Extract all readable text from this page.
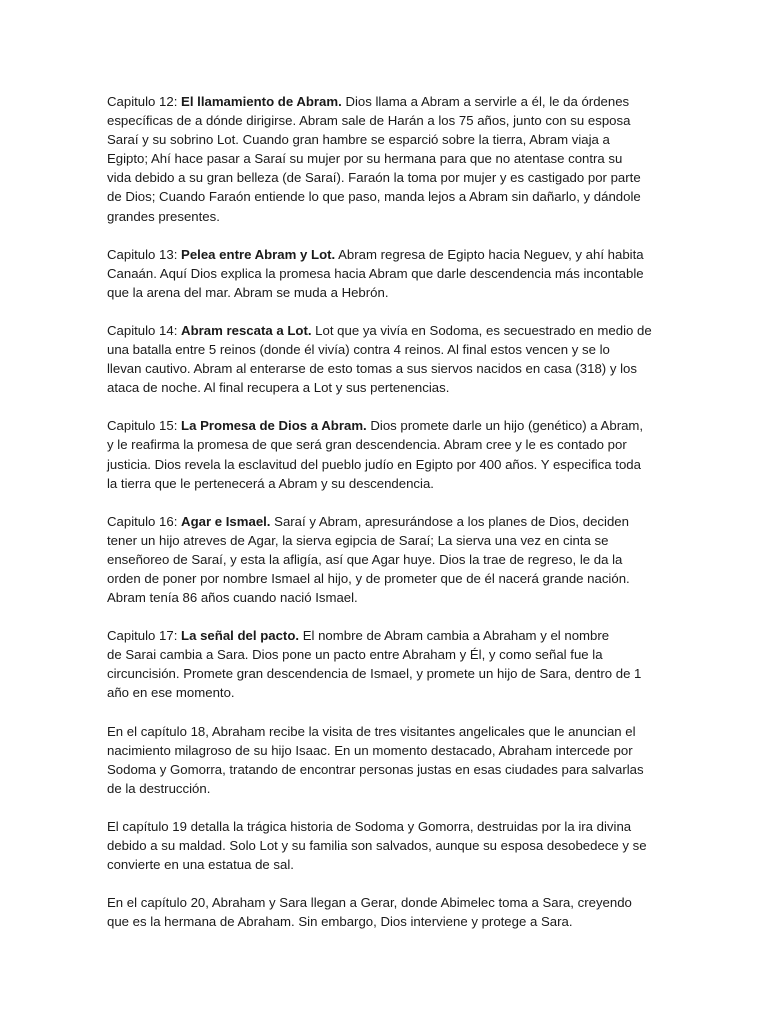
Capitulo 12: El llamamiento de Abram. Dios llama a Abram a servirle a él, le da órdenes
específicas de a dónde dirigirse. Abram sale de Harán a los 75 años, junto con su esposa
Saraí y su sobrino Lot. Cuando gran hambre se esparció sobre la tierra, Abram viaja a
Egipto; Ahí hace pasar a Saraí su mujer por su hermana para que no atentase contra su
vida debido a su gran belleza (de Saraí). Faraón la toma por mujer y es castigado por parte
de Dios; Cuando Faraón entiende lo que paso, manda lejos a Abram sin dañarlo, y dándole
grandes presentes.

Capitulo 13: Pelea entre Abram y Lot. Abram regresa de Egipto hacia Neguev, y ahí habita
Canaán. Aquí Dios explica la promesa hacia Abram que darle descendencia más incontable
que la arena del mar. Abram se muda a Hebrón.

Capitulo 14: Abram rescata a Lot. Lot que ya vivía en Sodoma, es secuestrado en medio de
una batalla entre 5 reinos (donde él vivía) contra 4 reinos. Al final estos vencen y se lo
llevan cautivo. Abram al enterarse de esto tomas a sus siervos nacidos en casa (318) y los
ataca de noche. Al final recupera a Lot y sus pertenencias.

Capitulo 15: La Promesa de Dios a Abram. Dios promete darle un hijo (genético) a Abram,
y le reafirma la promesa de que será gran descendencia. Abram cree y le es contado por
justicia. Dios revela la esclavitud del pueblo judío en Egipto por 400 años. Y especifica toda
la tierra que le pertenecerá a Abram y su descendencia.

Capitulo 16: Agar e Ismael. Saraí y Abram, apresurándose a los planes de Dios, deciden
tener un hijo atreves de Agar, la sierva egipcia de Saraí; La sierva una vez en cinta se
enseñoreo de Saraí, y esta la afligía, así que Agar huye. Dios la trae de regreso, le da la
orden de poner por nombre Ismael al hijo, y de prometer que de él nacerá grande nación.
Abram tenía 86 años cuando nació Ismael.

Capitulo 17: La señal del pacto. El nombre de Abram cambia a Abraham y el nombre
de Sarai cambia a Sara. Dios pone un pacto entre Abraham y Él, y como señal fue la
circuncisión. Promete gran descendencia de Ismael, y promete un hijo de Sara, dentro de 1
año en ese momento.

En el capítulo 18, Abraham recibe la visita de tres visitantes angelicales que le anuncian el
nacimiento milagroso de su hijo Isaac. En un momento destacado, Abraham intercede por
Sodoma y Gomorra, tratando de encontrar personas justas en esas ciudades para salvarlas
de la destrucción.

El capítulo 19 detalla la trágica historia de Sodoma y Gomorra, destruidas por la ira divina
debido a su maldad. Solo Lot y su familia son salvados, aunque su esposa desobedece y se
convierte en una estatua de sal.

En el capítulo 20, Abraham y Sara llegan a Gerar, donde Abimelec toma a Sara, creyendo
que es la hermana de Abraham. Sin embargo, Dios interviene y protege a Sara.
